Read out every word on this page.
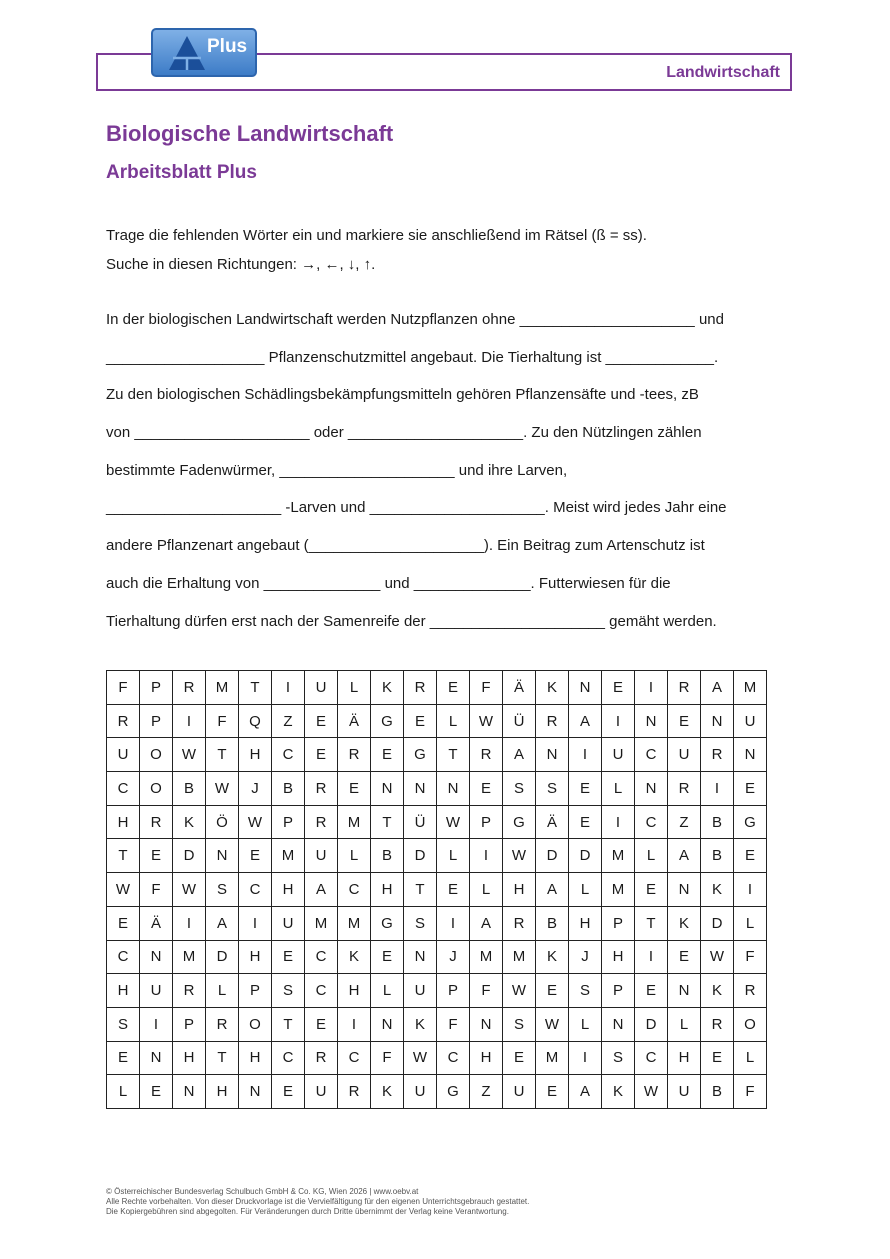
Landwirtschaft
Plus
Biologische Landwirtschaft
Arbeitsblatt Plus
Trage die fehlenden Wörter ein und markiere sie anschließend im Rätsel (ß = ss).
Suche in diesen Richtungen: →, ←, ↓, ↑.
In der biologischen Landwirtschaft werden Nutzpflanzen ohne _____________________ und
___________________ Pflanzenschutzmittel angebaut. Die Tierhaltung ist _____________.
Zu den biologischen Schädlingsbekämpfungsmitteln gehören Pflanzensäfte und -tees, zB
von _____________________ oder _____________________. Zu den Nützlingen zählen
bestimmte Fadenwürmer, _____________________ und ihre Larven,
_____________________ -Larven und _____________________. Meist wird jedes Jahr eine
andere Pflanzenart angebaut (_____________________). Ein Beitrag zum Artenschutz ist
auch die Erhaltung von ______________ und ______________. Futterwiesen für die
Tierhaltung dürfen erst nach der Samenreife der _____________________ gemäht werden.
F	P	R	M	T	I	U	L	K	R	E	F	Ä	K	N	E	I	R	A	M
R	P	I	F	Q	Z	E	Ä	G	E	L	W	Ü	R	A	I	N	E	N	U
U	O	W	T	H	C	E	R	E	G	T	R	A	N	I	U	C	U	R	N
C	O	B	W	J	B	R	E	N	N	N	E	S	S	E	L	N	R	I	E
H	R	K	Ö	W	P	R	M	T	Ü	W	P	G	Ä	E	I	C	Z	B	G
T	E	D	N	E	M	U	L	B	D	L	I	W	D	D	M	L	A	B	E
W	F	W	S	C	H	A	C	H	T	E	L	H	A	L	M	E	N	K	I
E	Ä	I	A	I	U	M	M	G	S	I	A	R	B	H	P	T	K	D	L
C	N	M	D	H	E	C	K	E	N	J	M	M	K	J	H	I	E	W	F
H	U	R	L	P	S	C	H	L	U	P	F	W	E	S	P	E	N	K	R
S	I	P	R	O	T	E	I	N	K	F	N	S	W	L	N	D	L	R	O
E	N	H	T	H	C	R	C	F	W	C	H	E	M	I	S	C	H	E	L
L	E	N	H	N	E	U	R	K	U	G	Z	U	E	A	K	W	U	B	F
© Österreichischer Bundesverlag Schulbuch GmbH & Co. KG, Wien 2026 | www.oebv.at
Alle Rechte vorbehalten. Von dieser Druckvorlage ist die Vervielfältigung für den eigenen Unterrichtsgebrauch gestattet.
Die Kopiergebühren sind abgegolten. Für Veränderungen durch Dritte übernimmt der Verlag keine Verantwortung.
